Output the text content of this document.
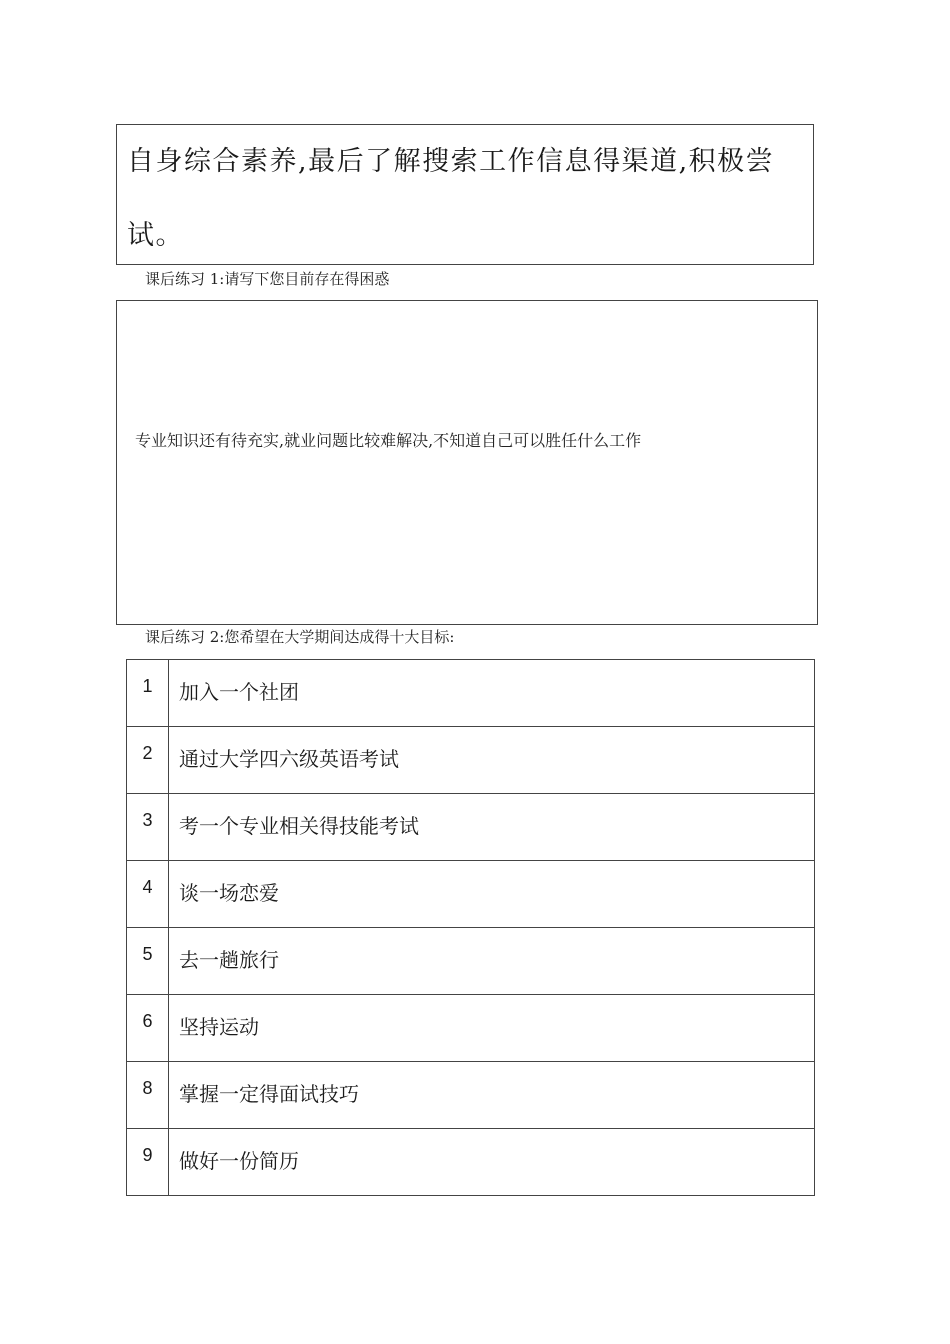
自身综合素养,最后了解搜索工作信息得渠道,积极尝试。

课后练习 1:请写下您目前存在得困惑

专业知识还有待充实,就业问题比较难解决,不知道自己可以胜任什么工作

课后练习 2:您希望在大学期间达成得十大目标:

1	加入一个社团
2	通过大学四六级英语考试
3	考一个专业相关得技能考试
4	谈一场恋爱
5	去一趟旅行
6	坚持运动
8	掌握一定得面试技巧
9	做好一份简历
